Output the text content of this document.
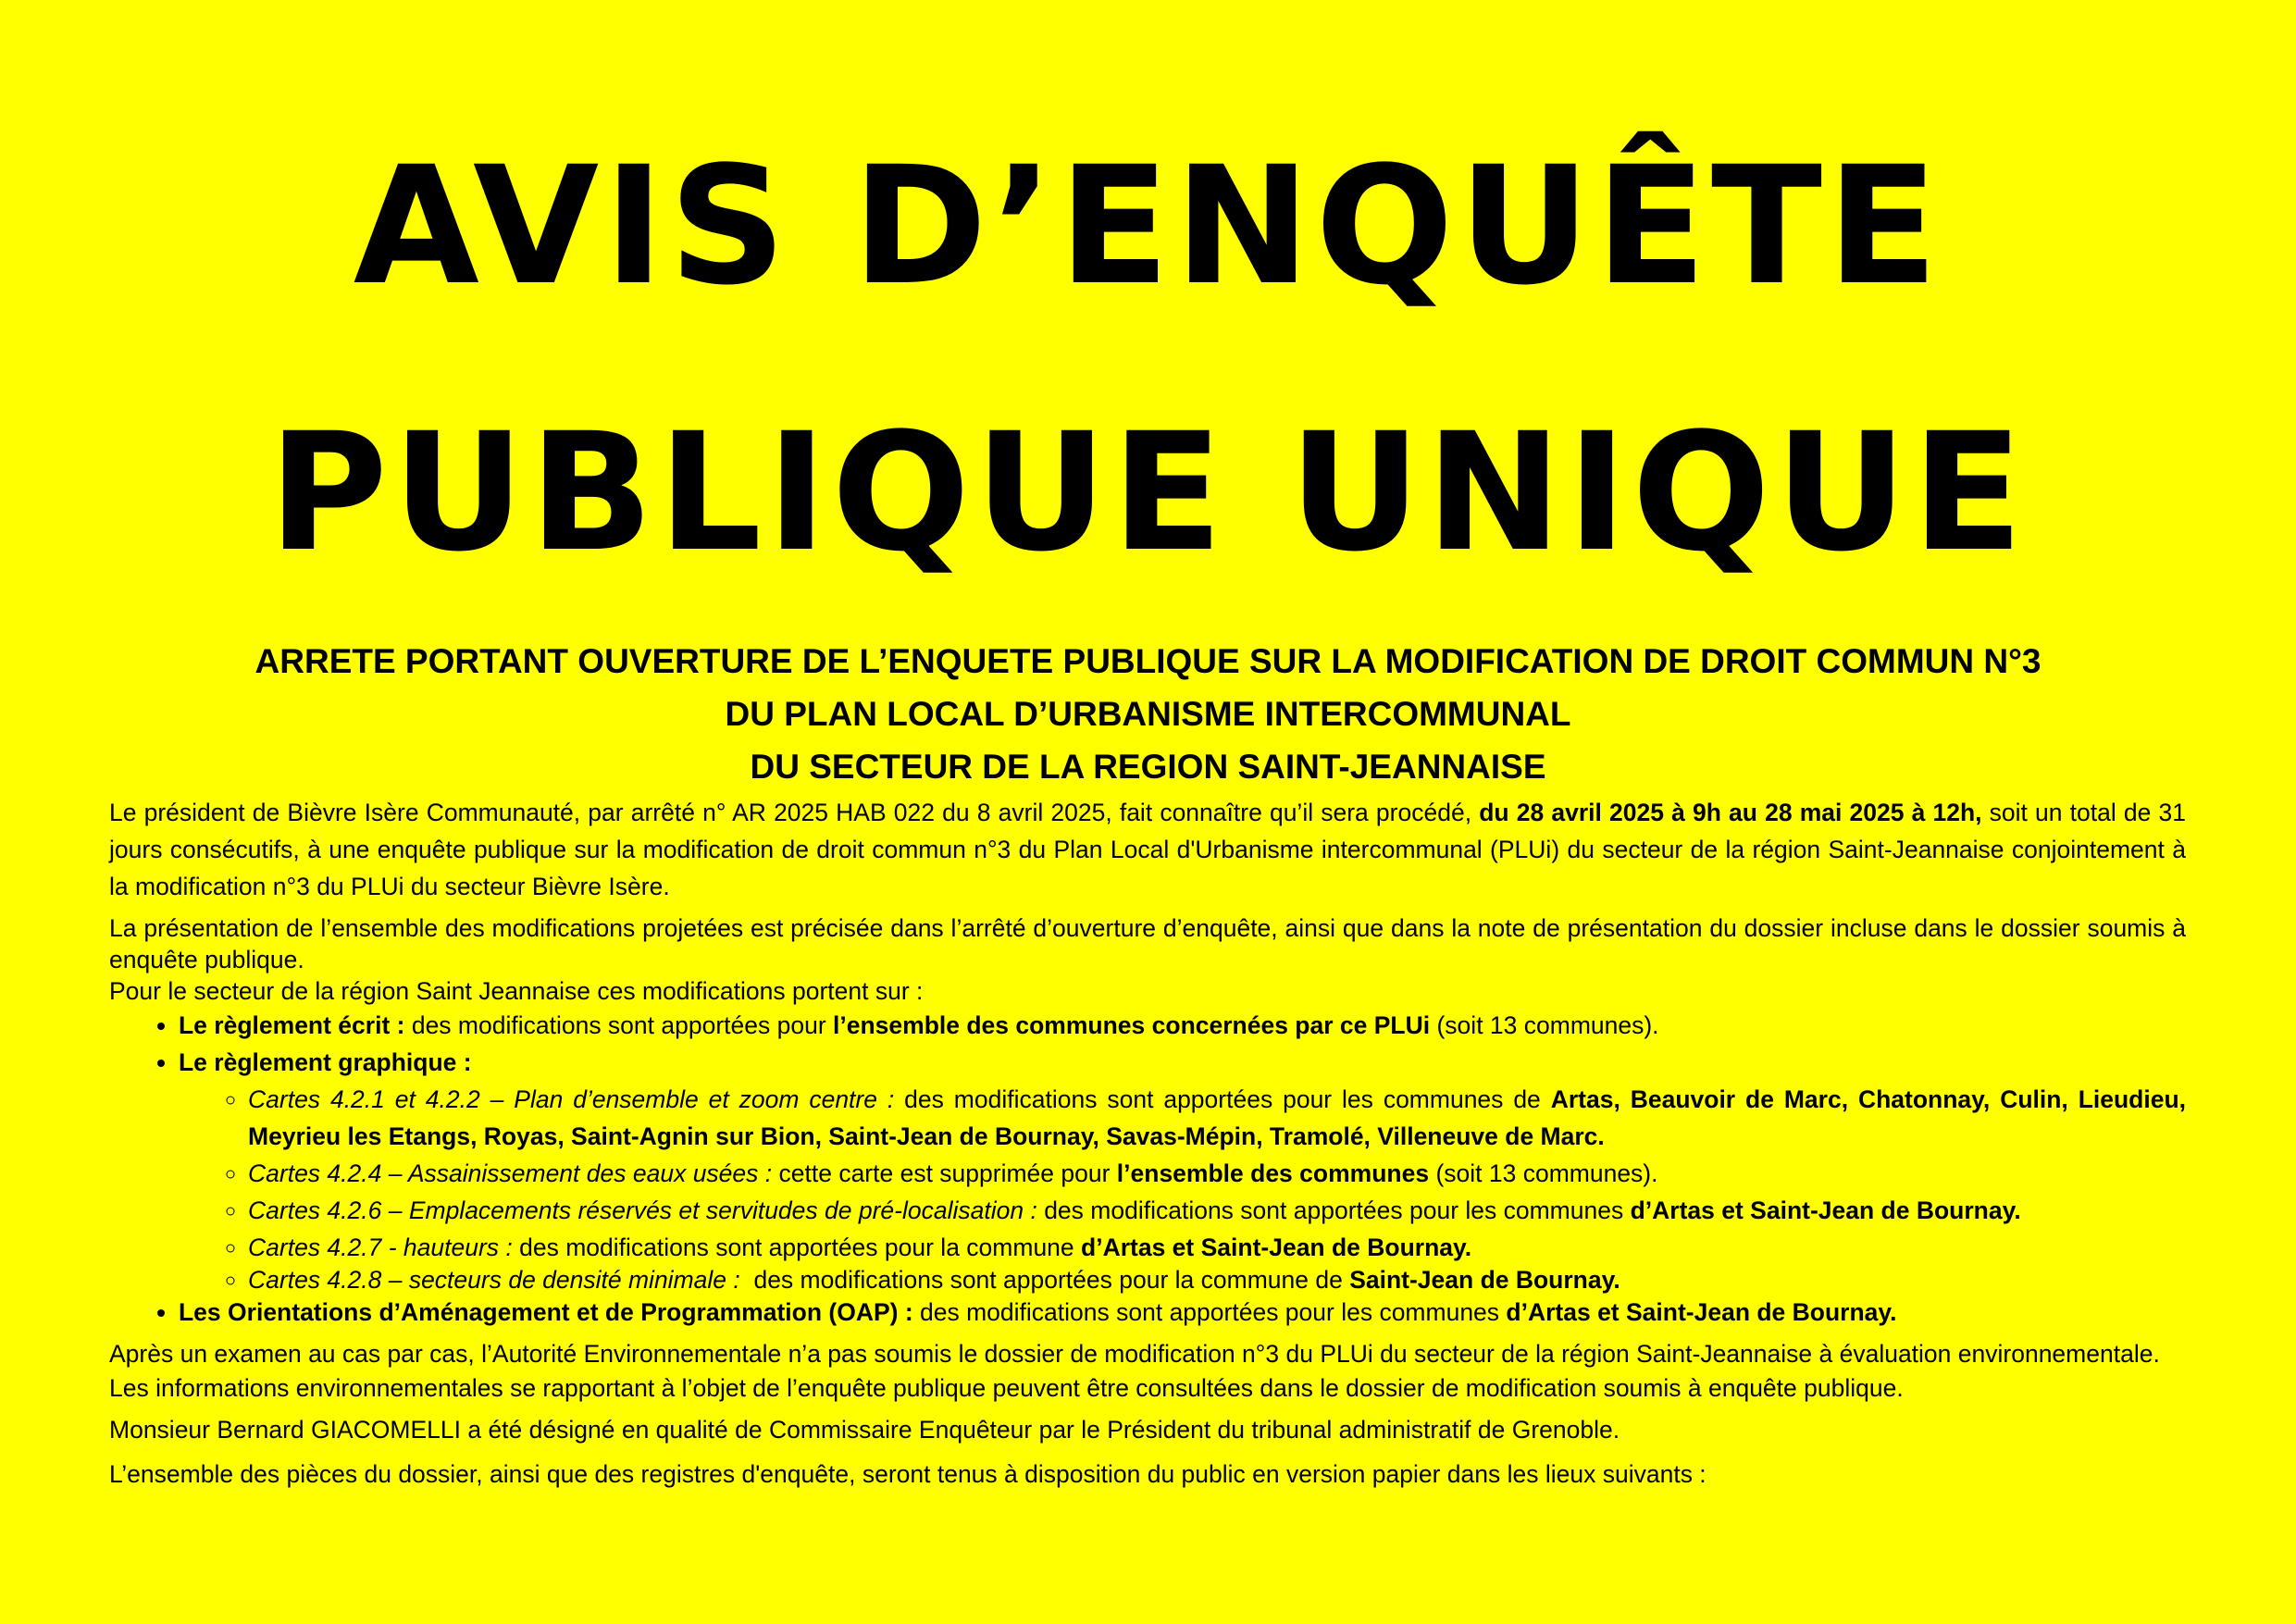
AVIS D’ENQUÊTE
PUBLIQUE UNIQUE
ARRETE PORTANT OUVERTURE DE L’ENQUETE PUBLIQUE SUR LA MODIFICATION DE DROIT COMMUN N°3
DU PLAN LOCAL D’URBANISME INTERCOMMUNAL
DU SECTEUR DE LA REGION SAINT-JEANNAISE

Le président de Bièvre Isère Communauté, par arrêté n° AR 2025 HAB 022 du 8 avril 2025, fait connaître qu’il sera procédé, du 28 avril 2025 à 9h au 28 mai 2025 à 12h, soit un total de 31 jours consécutifs, à une enquête publique sur la modification de droit commun n°3 du Plan Local d'Urbanisme intercommunal (PLUi) du secteur de la région Saint-Jeannaise conjointement à la modification n°3 du PLUi du secteur Bièvre Isère.

La présentation de l’ensemble des modifications projetées est précisée dans l’arrêté d’ouverture d’enquête, ainsi que dans la note de présentation du dossier incluse dans le dossier soumis à enquête publique.

Pour le secteur de la région Saint Jeannaise ces modifications portent sur :

• Le règlement écrit : des modifications sont apportées pour l’ensemble des communes concernées par ce PLUi (soit 13 communes).
• Le règlement graphique :
◦ Cartes 4.2.1 et 4.2.2 – Plan d’ensemble et zoom centre : des modifications sont apportées pour les communes de Artas, Beauvoir de Marc, Chatonnay, Culin, Lieudieu, Meyrieu les Etangs, Royas, Saint-Agnin sur Bion, Saint-Jean de Bournay, Savas-Mépin, Tramolé, Villeneuve de Marc.
◦ Cartes 4.2.4 – Assainissement des eaux usées : cette carte est supprimée pour l’ensemble des communes (soit 13 communes).
◦ Cartes 4.2.6 – Emplacements réservés et servitudes de pré-localisation : des modifications sont apportées pour les communes d’Artas et Saint-Jean de Bournay.
◦ Cartes 4.2.7 - hauteurs : des modifications sont apportées pour la commune d’Artas et Saint-Jean de Bournay.
◦ Cartes 4.2.8 – secteurs de densité minimale :  des modifications sont apportées pour la commune de Saint-Jean de Bournay.
• Les Orientations d’Aménagement et de Programmation (OAP) : des modifications sont apportées pour les communes d’Artas et Saint-Jean de Bournay.

Après un examen au cas par cas, l’Autorité Environnementale n’a pas soumis le dossier de modification n°3 du PLUi du secteur de la région Saint-Jeannaise à évaluation environnementale.

Les informations environnementales se rapportant à l’objet de l’enquête publique peuvent être consultées dans le dossier de modification soumis à enquête publique.

Monsieur Bernard GIACOMELLI a été désigné en qualité de Commissaire Enquêteur par le Président du tribunal administratif de Grenoble.

L’ensemble des pièces du dossier, ainsi que des registres d'enquête, seront tenus à disposition du public en version papier dans les lieux suivants :
